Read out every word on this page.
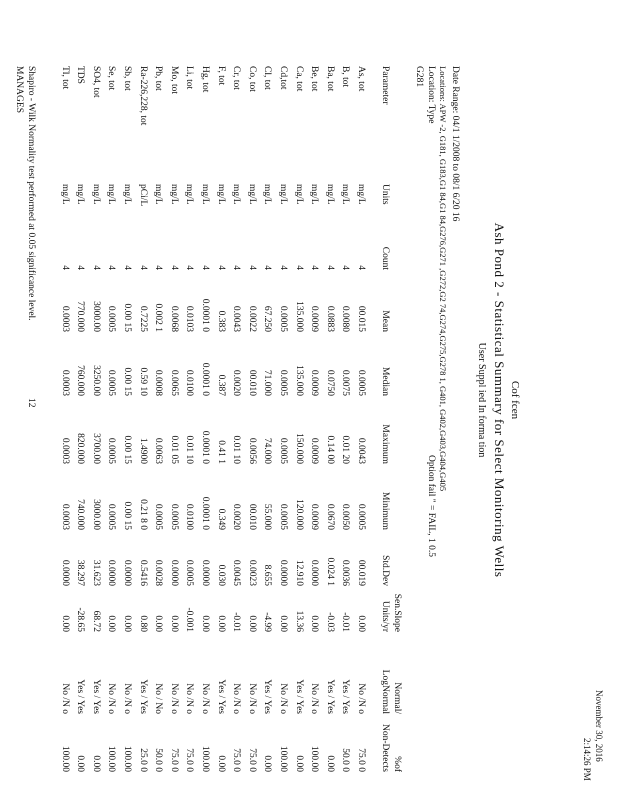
November 30, 2016
2:14:26 PM
Cof fcen
Ash Pond 2 - Statistical Summary for Select Monitoring Wells
User Suppl ied In forma tion
Date Range: 04/1 1/2008 to 08/1 6/20 16
Locations: APW -2, G181, G183,G1 84,G1 84,G276,G271 ,G272,G2 74,G274,G275,G278 1, G401, G402,G403,G404,G405
Location: Type
Option fail " = FAIL, 1 0.5
G281
Parameter
Units
Count
Mean
Median
Maximum
Minimum
Std.Dev
Sen.Slope
Units/yr
Normal/
LogNormal
%of
Non-Detects
As, tot
mg/L
4
00.015
0.0005
0.0043
0.0005
00.019
0.00
No /N o
75.0 0
B, tot
mg/L
4
0.0080
0.0075
0.01 20
0.0050
0.0036
-0.01
Yes / Yes
50.0 0
Ba, tot
mg/L
4
0.0883
0.0750
0.14 00
0.0670
0.024 1
-0.03
Yes / Yes
0.00
Be, tot
mg/L
4
0.0009
0.0009
0.0009
0.0009
0.0000
0.00
No /N o
100.00
Ca, tot
mg/L
4
135.000
135.000
150.000
120.000
12.910
13.36
Yes / Yes
0.00
Cd,tot
mg/L
4
0.0005
0.0005
0.0005
0.0005
0.0000
0.00
No /N o
100.00
Cl, tot
mg/L
4
67.250
71.000
74.000
55.000
8.655
-4.99
Yes / Yes
0.00
Co, tot
mg/L
4
0.0022
00.010
0.0056
00.010
0.0023
0.00
No /N o
75.0 0
Cr, tot
mg/L
4
0.0043
0.0020
0.01 10
0.0020
0.0045
-0.01
No /N o
75.0 0
F, tot
mg/L
4
0.383
0.387
0.41 1
0.349
0.030
0.00
Yes / Yes
0.00
Hg, tot
mg/L
4
0.0001 0
0.0001 0
0.0001 0
0.0001 0
0.0000
0.00
No /N o
100.00
Li, tot
mg/L
4
0.0103
0.0100
0.01 10
0.0100
0.0005
-0.001
No /N o
75.0 0
Mo, tot
mg/L
4
0.0068
0.0065
0.01 05
0.0005
0.0000
0.00
No /N o
75.0 0
Pb, tot
mg/L
4
0.002 1
0.0008
0.0063
0.0005
0.0028
0.00
No / No
50.0 0
Ra-226,228, tot
pCi/L
4
0.7225
0.59 10
1.4900
0.21 8 0
0.5416
0.80
Yes / Yes
25.0 0
Sb, tot
mg/L
4
0.00 15
0.00 15
0.00 15
0.00 15
0.0000
0.00
No /N o
100.00
Se, tot
mg/L
4
0.0005
0.0005
0.0005
0.0005
0.0000
0.00
No /N o
100.00
SO4, tot
mg/L
4
3000.00
3250.00
3700.00
3000.00
31.623
68.72
Yes / Yes
0.00
TDS
mg/L
4
770.000
760.000
820.000
740.000
38.297
-28.65
Yes / Yes
0.00
Tl, tot
mg/L
4
0.0003
0.0003
0.0003
0.0003
0.0000
0.00
No /N o
100.00
Shapiro - Wilk Normality test performed at 0.05 significance level.
MANAGES
12
